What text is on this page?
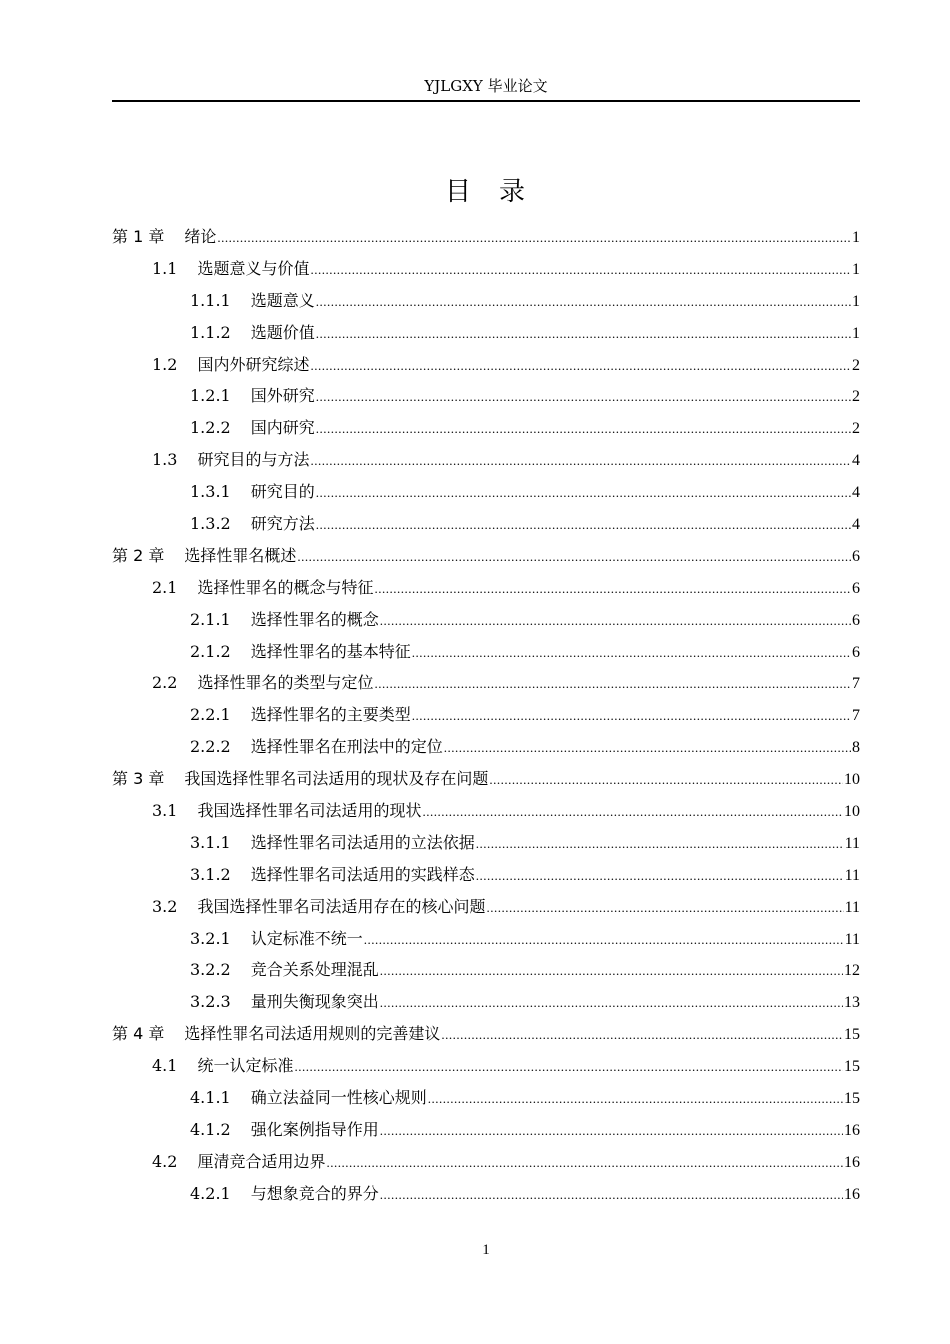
YJLGXY 毕业论文
目 录
第 1 章 绪论 .....	1
1.1 选题意义与价值 .....	1
1.1.1 选题意义 .....	1
1.1.2 选题价值 .....	1
1.2 国内外研究综述 .....	2
1.2.1 国外研究 .....	2
1.2.2 国内研究 .....	2
1.3 研究目的与方法 .....	4
1.3.1 研究目的 .....	4
1.3.2 研究方法 .....	4
第 2 章 选择性罪名概述 .....	6
2.1 选择性罪名的概念与特征 .....	6
2.1.1 选择性罪名的概念 .....	6
2.1.2 选择性罪名的基本特征 .....	6
2.2 选择性罪名的类型与定位 .....	7
2.2.1 选择性罪名的主要类型 .....	7
2.2.2 选择性罪名在刑法中的定位 .....	8
第 3 章 我国选择性罪名司法适用的现状及存在问题 .....	10
3.1 我国选择性罪名司法适用的现状 .....	10
3.1.1 选择性罪名司法适用的立法依据 .....	11
3.1.2 选择性罪名司法适用的实践样态 .....	11
3.2 我国选择性罪名司法适用存在的核心问题 .....	11
3.2.1 认定标准不统一 .....	11
3.2.2 竞合关系处理混乱 .....	12
3.2.3 量刑失衡现象突出 .....	13
第 4 章 选择性罪名司法适用规则的完善建议 .....	15
4.1 统一认定标准 .....	15
4.1.1 确立法益同一性核心规则 .....	15
4.1.2 强化案例指导作用 .....	16
4.2 厘清竞合适用边界 .....	16
4.2.1 与想象竞合的界分 .....	16
1
